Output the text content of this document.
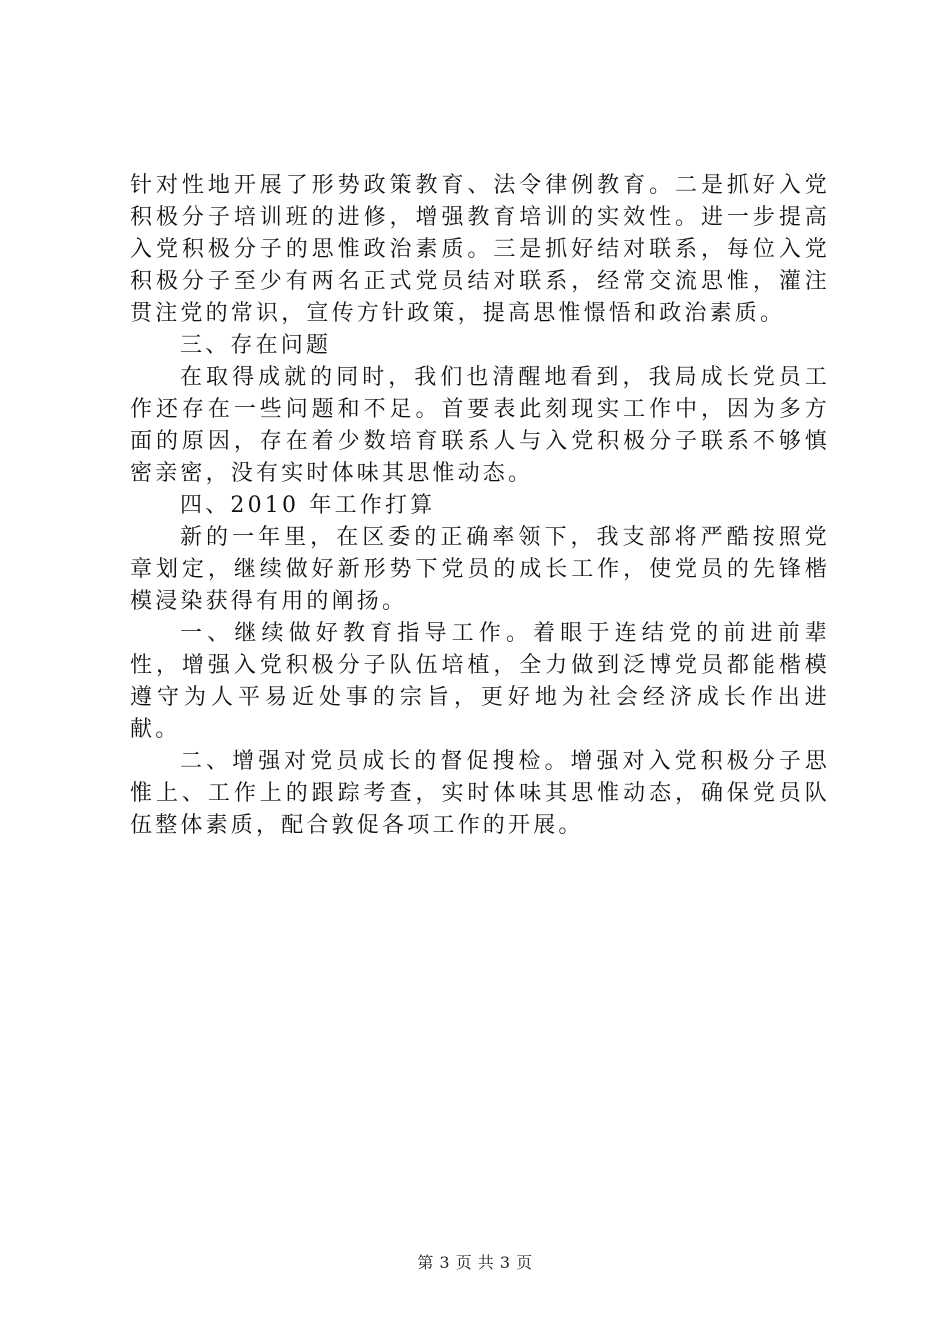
针对性地开展了形势政策教育、法令律例教育。二是抓好入党积极分子培训班的进修，增强教育培训的实效性。进一步提高入党积极分子的思惟政治素质。三是抓好结对联系，每位入党积极分子至少有两名正式党员结对联系，经常交流思惟，灌注贯注党的常识，宣传方针政策，提高思惟憬悟和政治素质。

三、存在问题

在取得成就的同时，我们也清醒地看到，我局成长党员工作还存在一些问题和不足。首要表此刻现实工作中，因为多方面的原因，存在着少数培育联系人与入党积极分子联系不够慎密亲密，没有实时体味其思惟动态。

四、2010 年工作打算

新的一年里，在区委的正确率领下，我支部将严酷按照党章划定，继续做好新形势下党员的成长工作，使党员的先锋楷模浸染获得有用的阐扬。

一、继续做好教育指导工作。着眼于连结党的前进前辈性，增强入党积极分子队伍培植，全力做到泛博党员都能楷模遵守为人平易近处事的宗旨，更好地为社会经济成长作出进献。

二、增强对党员成长的督促搜检。增强对入党积极分子思惟上、工作上的跟踪考查，实时体味其思惟动态，确保党员队伍整体素质，配合敦促各项工作的开展。

第 3 页 共 3 页
